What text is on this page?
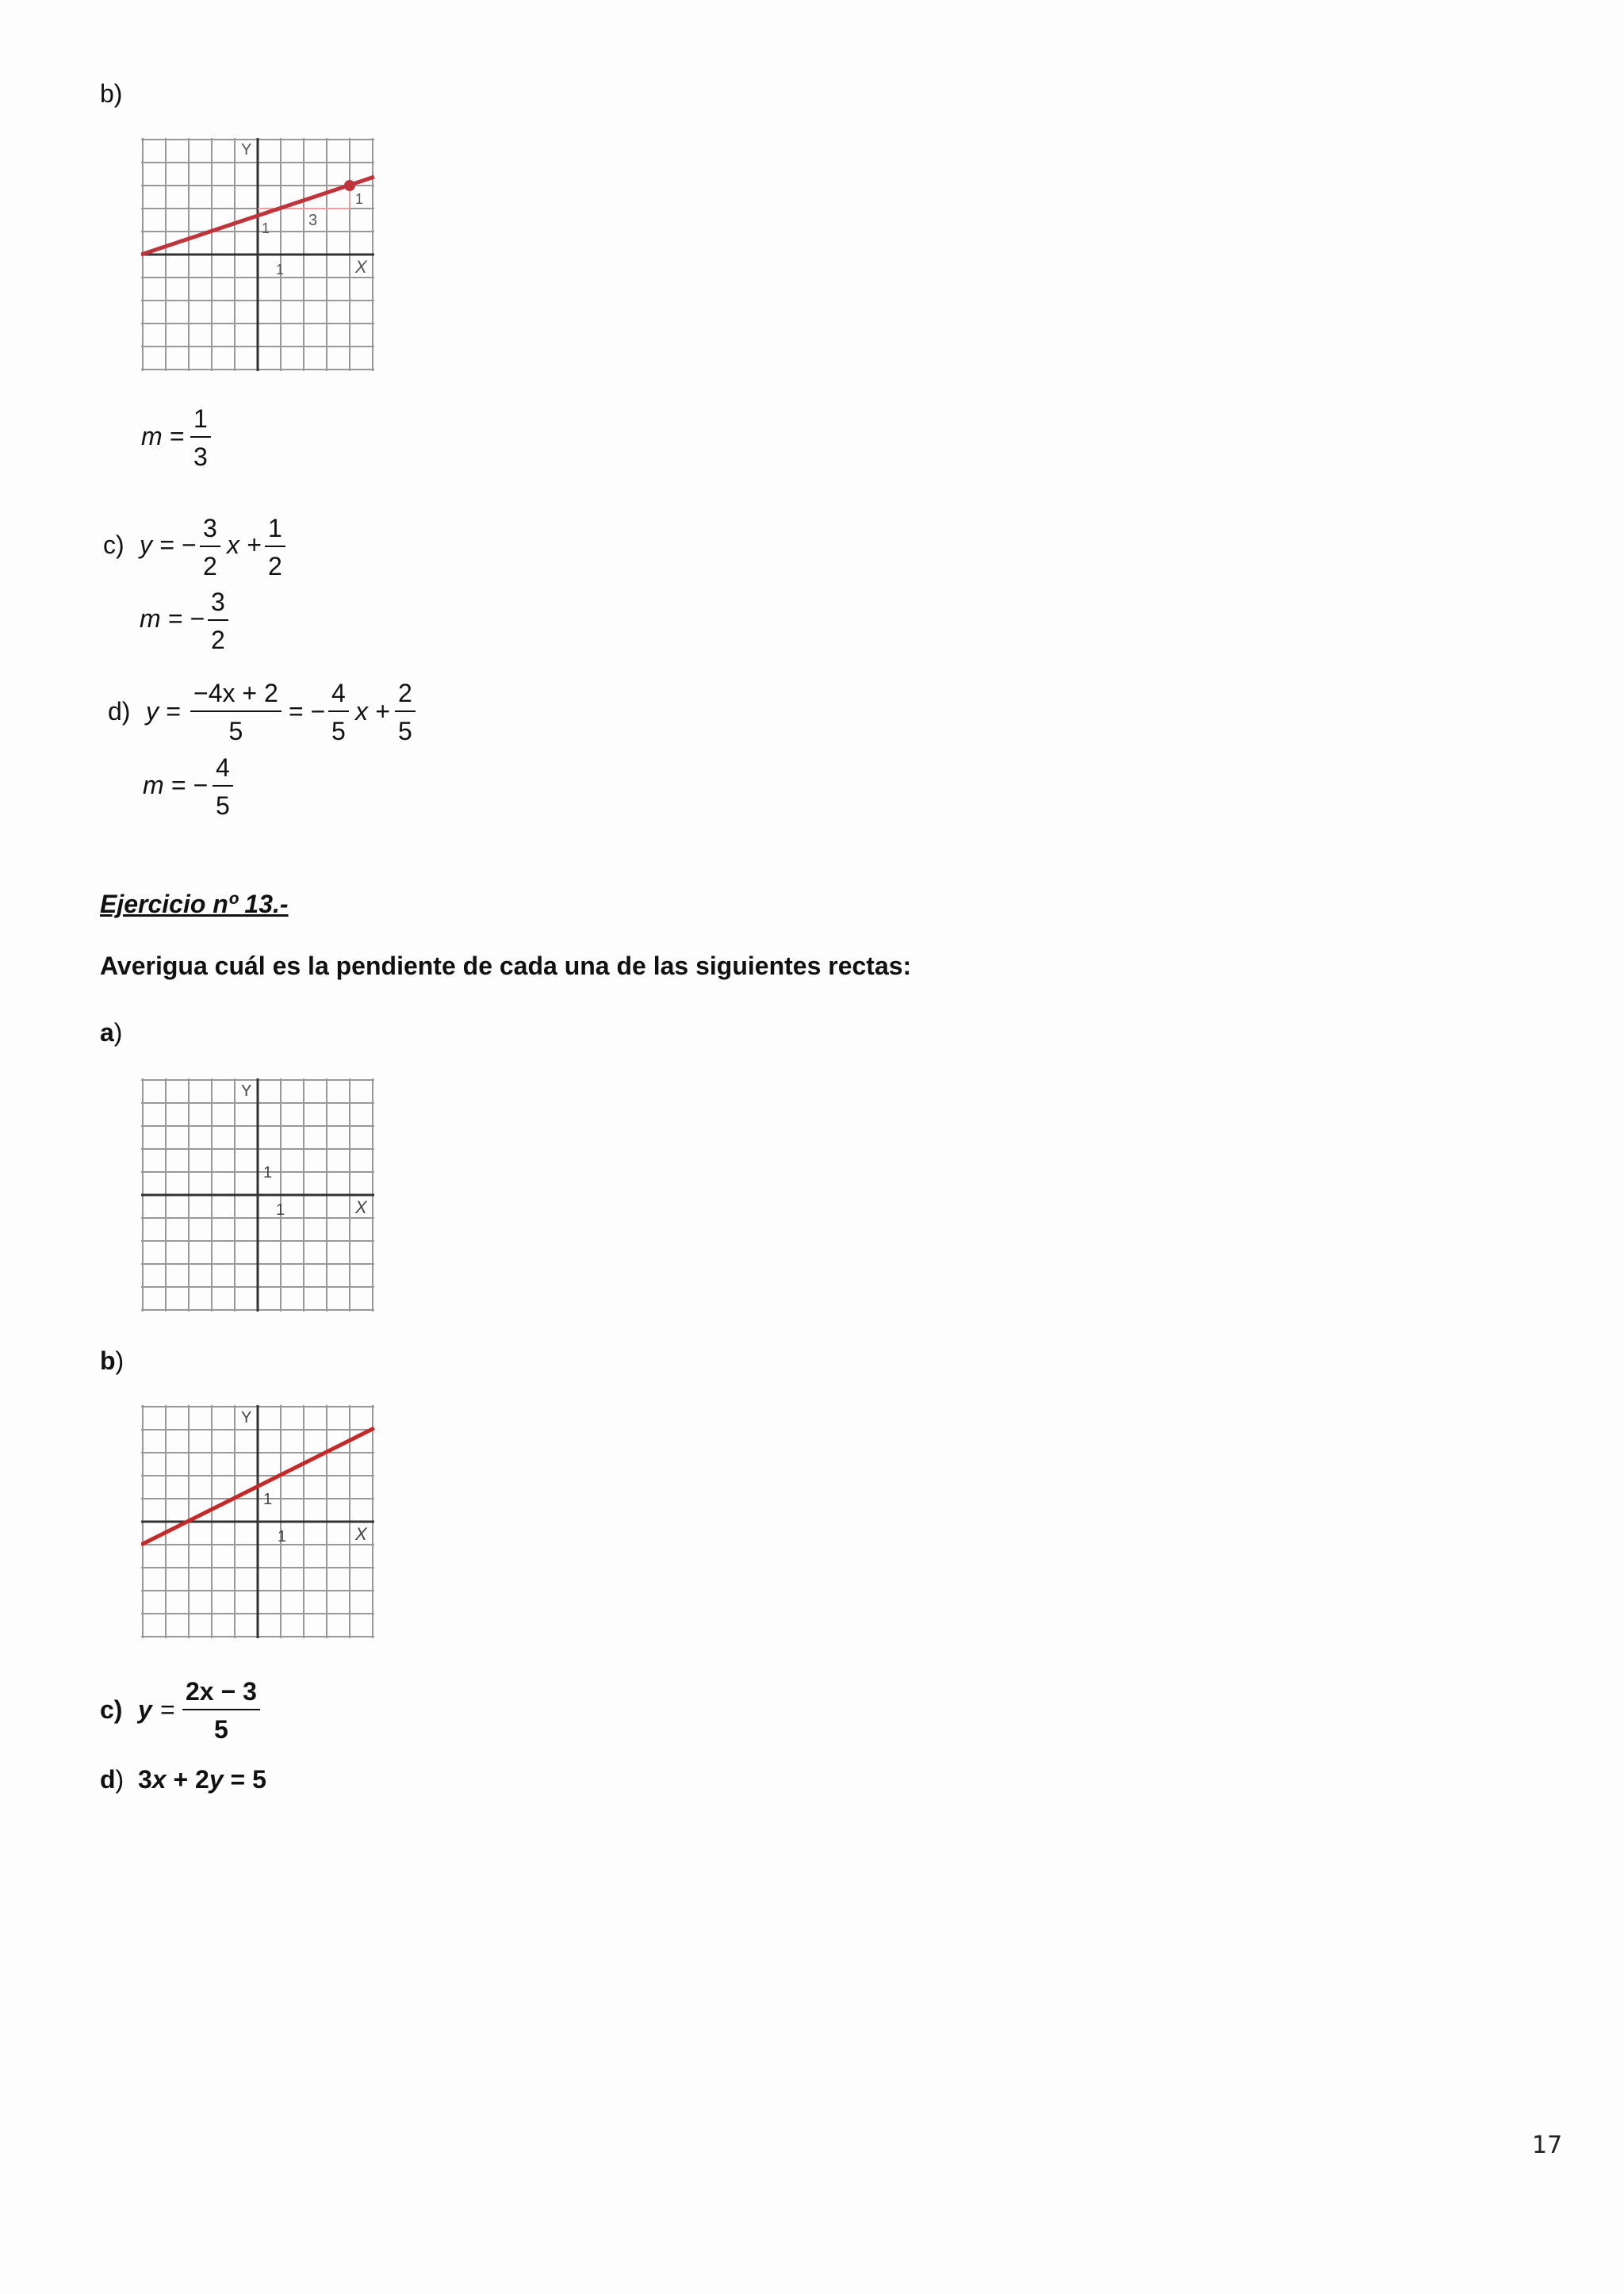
b)
Y
X
1
1
3
1
$m = \frac{1}{3}$
c) y = − $\frac{3}{2}$ $x + \frac{1}{2}$
m = − $\frac{3}{2}$
d) $y = \frac{-4x + 2}{5}$ = − $\frac{4}{5}$ $x + \frac{2}{5}$
m = − $\frac{4}{5}$
Ejercicio nº 13.-
Averigua cuál es la pendiente de cada una de las siguientes rectas:
a)
Y
X
1
1
b)
Y
X
1
1
c) $y = \frac{2x - 3}{5}$
d)  3x + 2y = 5
17
